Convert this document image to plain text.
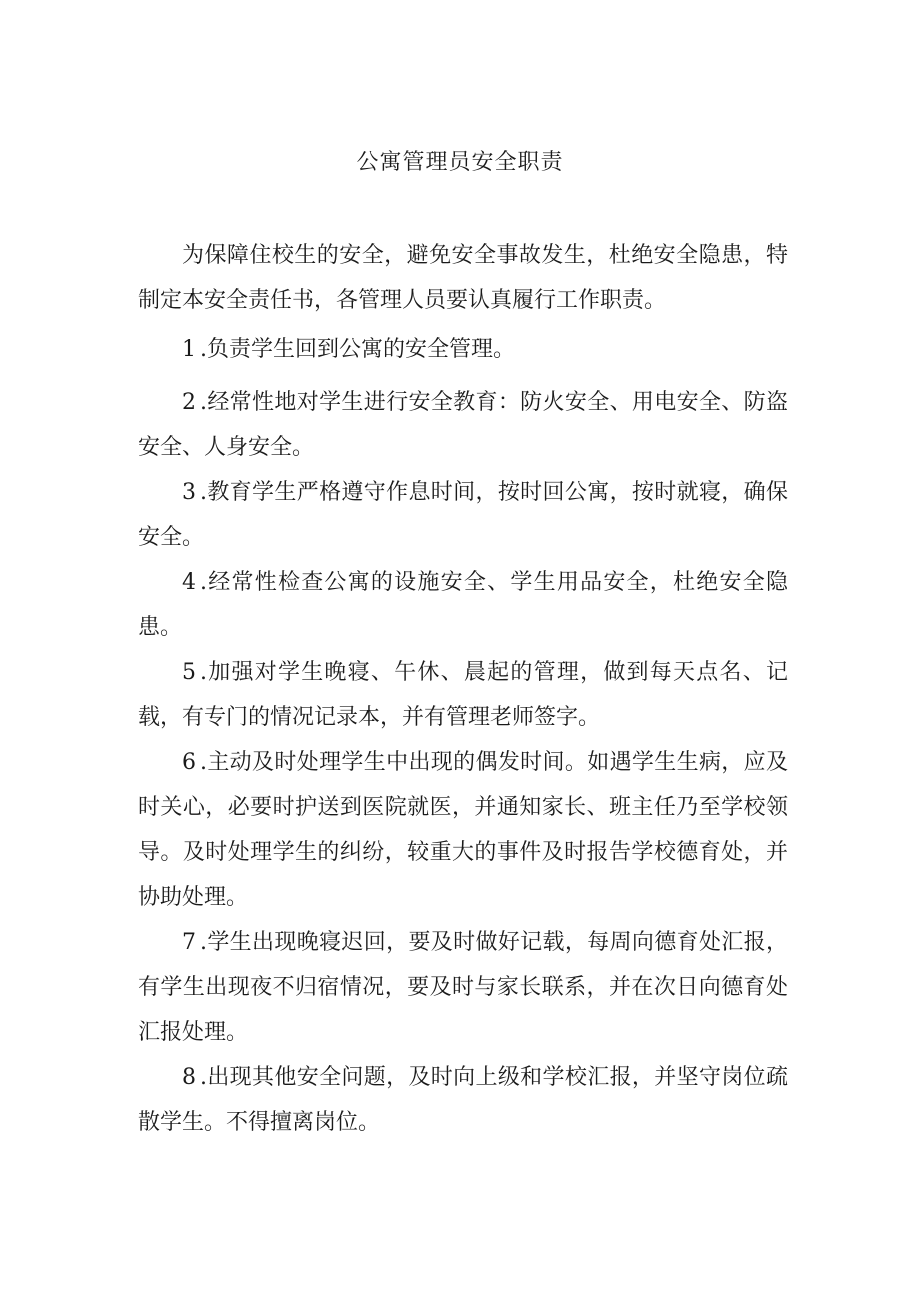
公寓管理员安全职责

为保障住校生的安全，避免安全事故发生，杜绝安全隐患，特制定本安全责任书，各管理人员要认真履行工作职责。

1 .负责学生回到公寓的安全管理。

2 .经常性地对学生进行安全教育：防火安全、用电安全、防盗安全、人身安全。

3 .教育学生严格遵守作息时间，按时回公寓，按时就寝，确保安全。

4 .经常性检查公寓的设施安全、学生用品安全，杜绝安全隐患。

5 .加强对学生晚寝、午休、晨起的管理，做到每天点名、记载，有专门的情况记录本，并有管理老师签字。

6 .主动及时处理学生中出现的偶发时间。如遇学生生病，应及时关心，必要时护送到医院就医，并通知家长、班主任乃至学校领导。及时处理学生的纠纷，较重大的事件及时报告学校德育处，并协助处理。

7 .学生出现晚寝迟回，要及时做好记载，每周向德育处汇报，有学生出现夜不归宿情况，要及时与家长联系，并在次日向德育处汇报处理。

8 .出现其他安全问题，及时向上级和学校汇报，并坚守岗位疏散学生。不得擅离岗位。
